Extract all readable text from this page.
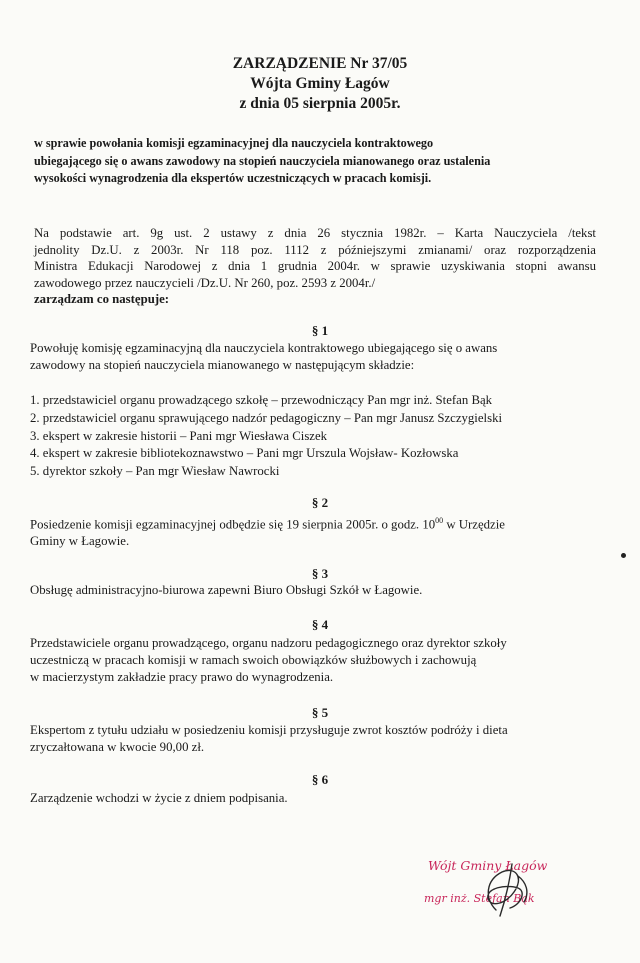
ZARZĄDZENIE Nr 37/05
Wójta Gminy Łagów
z dnia 05 sierpnia 2005r.
w sprawie powołania komisji egzaminacyjnej dla nauczyciela kontraktowego
ubiegającego się o awans zawodowy na stopień nauczyciela mianowanego oraz ustalenia
wysokości wynagrodzenia dla ekspertów uczestniczących w pracach komisji.
Na podstawie art. 9g ust. 2 ustawy z dnia 26 stycznia 1982r. – Karta Nauczyciela /tekst
jednolity Dz.U. z 2003r. Nr 118 poz. 1112 z późniejszymi zmianami/ oraz rozporządzenia
Ministra Edukacji Narodowej z dnia 1 grudnia 2004r. w sprawie uzyskiwania stopni awansu
zawodowego przez nauczycieli /Dz.U. Nr 260, poz. 2593 z 2004r./
zarządzam co następuje:
§ 1
Powołuję komisję egzaminacyjną dla nauczyciela kontraktowego ubiegającego się o awans
zawodowy na stopień nauczyciela mianowanego w następującym składzie:
1. przedstawiciel organu prowadzącego szkołę – przewodniczący Pan mgr inż. Stefan Bąk
2. przedstawiciel organu sprawującego nadzór pedagogiczny – Pan mgr Janusz Szczygielski
3. ekspert w zakresie historii – Pani mgr Wiesława Ciszek
4. ekspert w zakresie bibliotekoznawstwo – Pani mgr Urszula Wojsław- Kozłowska
5. dyrektor szkoły – Pan mgr Wiesław Nawrocki
§ 2
Posiedzenie komisji egzaminacyjnej odbędzie się 19 sierpnia 2005r. o godz. $10^{00}$ w Urzędzie
Gminy w Łagowie.
§ 3
Obsługę administracyjno-biurowa zapewni Biuro Obsługi Szkół w Łagowie.
§ 4
Przedstawiciele organu prowadzącego, organu nadzoru pedagogicznego oraz dyrektor szkoły
uczestniczą w pracach komisji w ramach swoich obowiązków służbowych i zachowują
w macierzystym zakładzie pracy prawo do wynagrodzenia.
§ 5
Ekspertom z tytułu udziału w posiedzeniu komisji przysługuje zwrot kosztów podróży i dieta
zryczałtowana w kwocie 90,00 zł.
§ 6
Zarządzenie wchodzi w życie z dniem podpisania.
Wójt Gminy Łagów
mgr inż. Stefan Bąk
